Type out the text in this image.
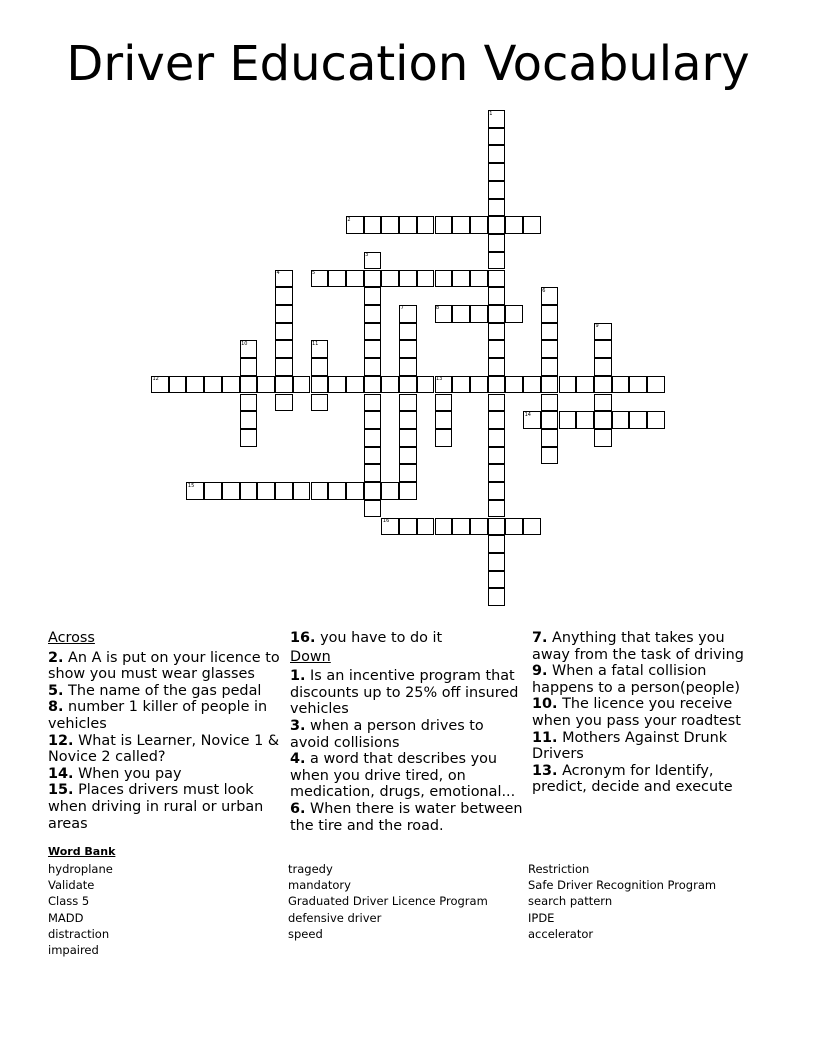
Driver Education Vocabulary
1
2
3
4	5
6
7	8
9
10	11
12	13
14
15
16
Across
2. An A is put on your licence to show you must wear glasses
5. The name of the gas pedal
8. number 1 killer of people in vehicles
12. What is Learner, Novice 1 & Novice 2 called?
14. When you pay
15. Places drivers must look when driving in rural or urban areas
16. you have to do it
Down
1. Is an incentive program that discounts up to 25% off insured vehicles
3. when a person drives to avoid collisions
4. a word that describes you when you drive tired, on medication, drugs, emotional...
6. When there is water between the tire and the road.
7. Anything that takes you away from the task of driving
9. When a fatal collision happens to a person(people)
10. The licence you receive when you pass your roadtest
11. Mothers Against Drunk Drivers
13. Acronym for Identify, predict, decide and execute
Word Bank
hydroplane
Validate
Class 5
MADD
distraction
impaired
tragedy
mandatory
Graduated Driver Licence Program
defensive driver
speed
Restriction
Safe Driver Recognition Program
search pattern
IPDE
accelerator
